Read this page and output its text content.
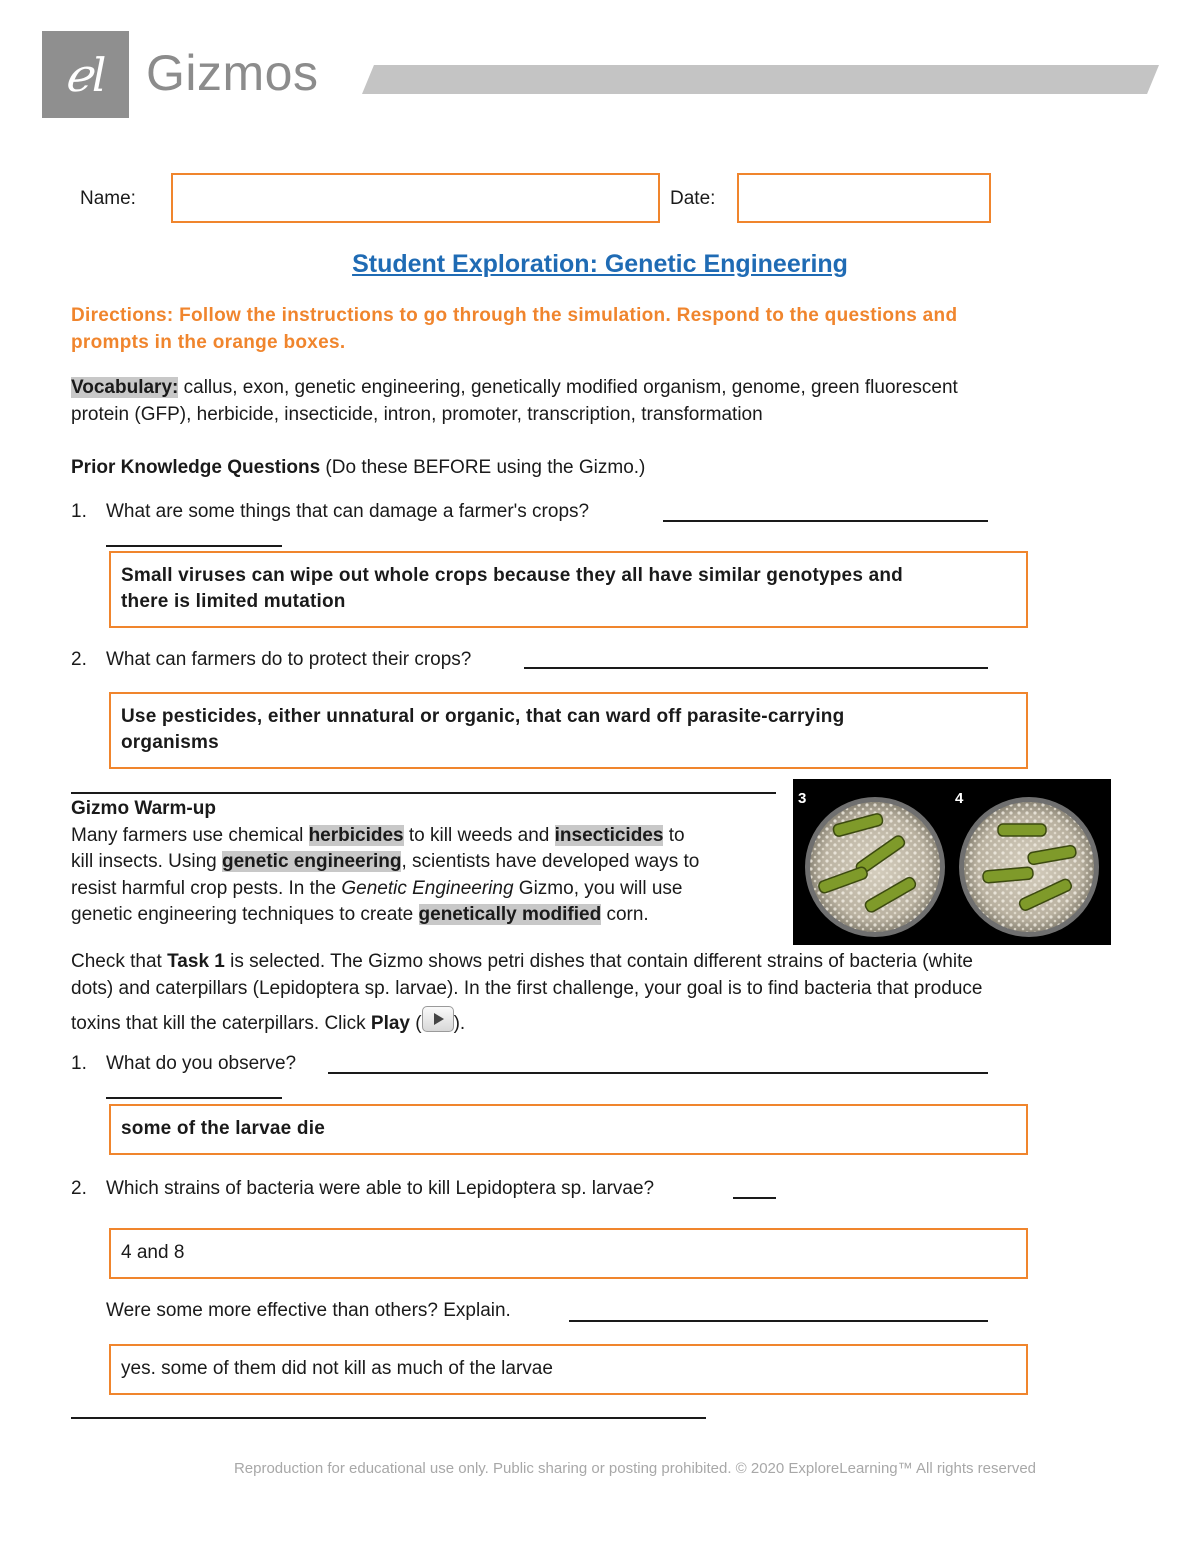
ℯl Gizmos
Name:	Date:
Student Exploration: Genetic Engineering
Directions: Follow the instructions to go through the simulation. Respond to the questions and
prompts in the orange boxes.
Vocabulary: callus, exon, genetic engineering, genetically modified organism, genome, green fluorescent
protein (GFP), herbicide, insecticide, intron, promoter, transcription, transformation
Prior Knowledge Questions (Do these BEFORE using the Gizmo.)
1. What are some things that can damage a farmer's crops?
Small viruses can wipe out whole crops because they all have similar genotypes and
there is limited mutation
2. What can farmers do to protect their crops?
Use pesticides, either unnatural or organic, that can ward off parasite-carrying
organisms
Gizmo Warm-up
Many farmers use chemical herbicides to kill weeds and insecticides to
kill insects. Using genetic engineering, scientists have developed ways to
resist harmful crop pests. In the Genetic Engineering Gizmo, you will use
genetic engineering techniques to create genetically modified corn.
3	4
Check that Task 1 is selected. The Gizmo shows petri dishes that contain different strains of bacteria (white
dots) and caterpillars (Lepidoptera sp. larvae). In the first challenge, your goal is to find bacteria that produce
toxins that kill the caterpillars. Click Play ( ).
1. What do you observe?
some of the larvae die
2. Which strains of bacteria were able to kill Lepidoptera sp. larvae?
4 and 8
Were some more effective than others? Explain.
yes. some of them did not kill as much of the larvae
Reproduction for educational use only. Public sharing or posting prohibited. © 2020 ExploreLearning™ All rights reserved
